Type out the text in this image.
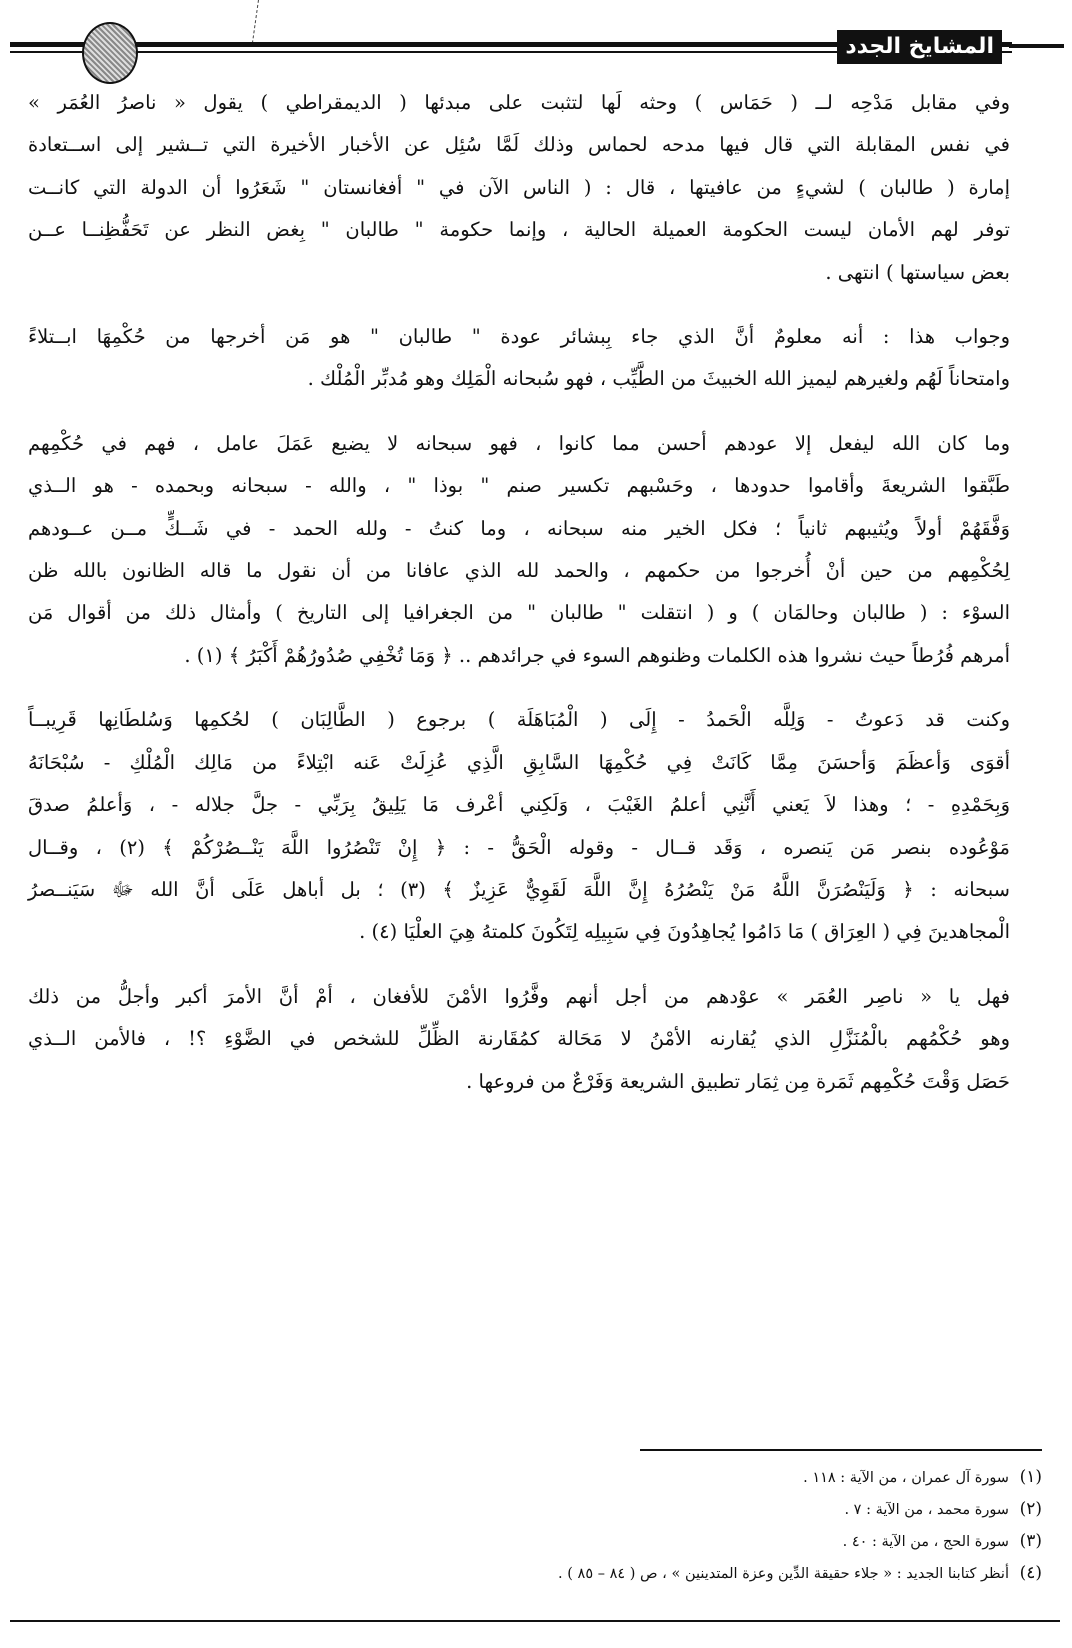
المشايخ الجدد

وفي مقابل مَدْحِه لــ ( حَمَاس ) وحثه لَها لتثبت على مبدئها ( الديمقراطي ) يقول « ناصرُ العُمَر »
في نفس المقابلة التي قال فيها مدحه لحماس وذلك لَمَّا سُئِل عن الأخبار الأخيرة التي تــشير إلى اســتعادة
إمارة ( طالبان ) لشيءٍ من عافيتها ، قال : ( الناس الآن في " أفغانستان " شَعَرُوا أن الدولة التي كانــت
توفر لهم الأمان ليست الحكومة العميلة الحالية ، وإنما حكومة " طالبان " بِغض النظر عن تَحَفُّظِنــا عــن
بعض سياستها ) انتهى .

وجواب هذا : أنه معلومٌ أنَّ الذي جاء بِبشائر عودة " طالبان " هو مَن أخرجها من حُكْمِهَا ابــتلاءً
وامتحاناً لَهُم ولغيرهم ليميز الله الخبيثَ من الطَّيِّب ، فهو سُبحانه الْمَلِك وهو مُدبِّر الْمُلْك .

وما كان الله ليفعل إلا عودهم أحسن مما كانوا ، فهو سبحانه لا يضيع عَمَلَ عامل ، فهم في حُكْمِهم
طَبَّقوا الشريعةَ وأقاموا حدودها ، وحَسْبهم تكسير صنم " بوذا " ، والله - سبحانه وبحمده - هو الــذي
وَفَّقَهُمْ أولاً ويُثيبهم ثانياً ؛ فكل الخير منه سبحانه ، وما كنتُ - ولله الحمد - في شَــكٍّ مــن عــودهم
لِحُكْمِهم من حين أنْ أُخرجوا من حكمهم ، والحمد لله الذي عافانا من أن نقول ما قاله الظانون بالله ظن
السوْء : ( طالبان وحالمَان ) و ( انتقلت " طالبان " من الجغرافيا إلى التاريخ ) وأمثال ذلك من أقوال مَن
أمرهم فُرُطاً حيث نشروا هذه الكلمات وظنوهم السوء في جرائدهم .. ﴿ وَمَا تُخْفِي صُدُورُهُمْ أَكْبَرُ ﴾ (١) .

وكنت قد دَعوتُ - وَلِلَّه الْحَمدُ - إِلَى ( الْمُبَاهَلَة ) برجوع ( الطَّالِبَان ) لحُكمِها وَسُلطَانِها قَرِيبــاً
أقوَى وَأعظَمَ وَأحسَنَ مِمَّا كَانَتْ فِي حُكْمِهَا السَّابِقِ الَّذِي عُزِلَتْ عَنه ابْتِلاءً من مَالِك الْمُلْكِ - سُبْحَانَهُ
وَبِحَمْدِهِ - ؛ وهذا لاَ يَعني أَنَّنِي أعلمُ الغَيْبَ ، وَلَكِني أعْرف مَا يَلِيقُ بِرَبِّي - جلَّ جلاله - ، وَأعلمُ صدقَ
مَوْعُوده بنصر مَن يَنصره ، وَقَد قــال - وقوله الْحَقُّ - : ﴿ إِنْ تَنْصُرُوا اللَّهَ يَنْــصُرْكُمْ ﴾ (٢) ، وقــال
سبحانه : ﴿ وَلَيَنْصُرَنَّ اللَّهُ مَنْ يَنْصُرُهُ إِنَّ اللَّهَ لَقَوِيٌّ عَزِيزٌ ﴾ (٣) ؛ بل أباهل عَلَى أنَّ الله ﷻ سَيَنــصرُ
الْمجاهدينَ فِي ( العِرَاق ) مَا دَامُوا يُجاهِدُونَ فِي سَبِيلِه لِتَكُونَ كلمتهُ هِيَ العلْيَا (٤) .

فهل يا « ناصِر العُمَر » عوْدهم من أجل أنهم وفَّرُوا الأمْنَ للأفغان ، أمْ أنَّ الأمرَ أكبر وأجلُّ من ذلك
وهو حُكْمُهم بالْمُنَزَّلِ الذي يُقارنه الأمْنُ لا مَحَالة كمُقَارنة الظِّلِّ للشخص في الضَّوْءِ ؟! ، فالأمن الــذي
حَصَل وَقْتَ حُكْمِهم ثَمَرة مِن ثِمَار تطبيق الشريعة وَفَرْعٌ من فروعها .

(١) سورة آل عمران ، من الآية : ١١٨ .
(٢) سورة محمد ، من الآية : ٧ .
(٣) سورة الحج ، من الآية : ٤٠ .
(٤) أنظر كتابنا الجديد : « جلاء حقيقة الدِّين وعزة المتدينين » ، ص ( ٨٤ – ٨٥ ) .
